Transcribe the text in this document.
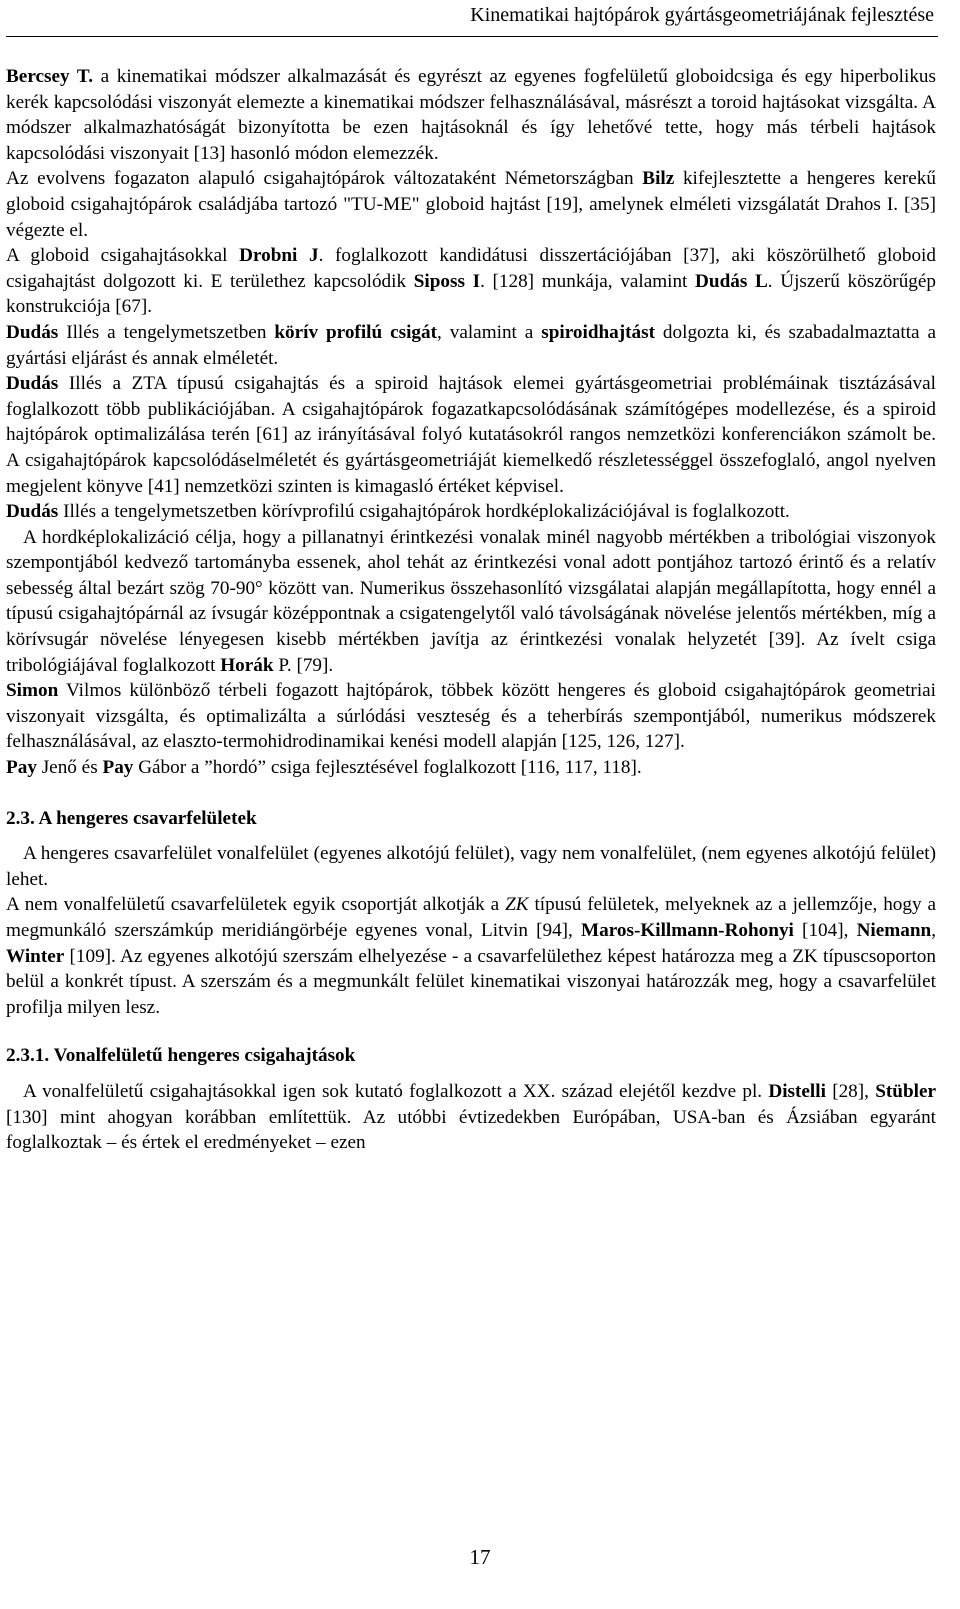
Kinematikai hajtópárok gyártásgeometriájának fejlesztése

Bercsey T. a kinematikai módszer alkalmazását és egyrészt az egyenes fogfelületű globoidcsiga és egy hiperbolikus kerék kapcsolódási viszonyát elemezte a kinematikai módszer felhasználásával, másrészt a toroid hajtásokat vizsgálta. A módszer alkalmazhatóságát bizonyította be ezen hajtásoknál és így lehetővé tette, hogy más térbeli hajtások kapcsolódási viszonyait [13] hasonló módon elemezzék.

Az evolvens fogazaton alapuló csigahajtópárok változataként Németországban Bilz kifejlesztette a hengeres kerekű globoid csigahajtópárok családjába tartozó "TU-ME" globoid hajtást [19], amelynek elméleti vizsgálatát Drahos I. [35] végezte el.

A globoid csigahajtásokkal Drobni J. foglalkozott kandidátusi disszertációjában [37], aki köszörülhető globoid csigahajtást dolgozott ki. E területhez kapcsolódik Siposs I. [128] munkája, valamint Dudás L. Újszerű köszörűgép konstrukciója [67].

Dudás Illés a tengelymetszetben körív profilú csigát, valamint a spiroidhajtást dolgozta ki, és szabadalmaztatta a gyártási eljárást és annak elméletét.

Dudás Illés a ZTA típusú csigahajtás és a spiroid hajtások elemei gyártásgeometriai problémáinak tisztázásával foglalkozott több publikációjában. A csigahajtópárok fogazatkapcsolódásának számítógépes modellezése, és a spiroid hajtópárok optimalizálása terén [61] az irányításával folyó kutatásokról rangos nemzetközi konferenciákon számolt be. A csigahajtópárok kapcsolódáselméletét és gyártásgeometriáját kiemelkedő részletességgel összefoglaló, angol nyelven megjelent könyve [41] nemzetközi szinten is kimagasló értéket képvisel.

Dudás Illés a tengelymetszetben körívprofilú csigahajtópárok hordképlokalizációjával is foglalkozott.

A hordképlokalizáció célja, hogy a pillanatnyi érintkezési vonalak minél nagyobb mértékben a tribológiai viszonyok szempontjából kedvező tartományba essenek, ahol tehát az érintkezési vonal adott pontjához tartozó érintő és a relatív sebesség által bezárt szög 70-90° között van. Numerikus összehasonlító vizsgálatai alapján megállapította, hogy ennél a típusú csigahajtópárnál az ívsugár középpontnak a csigatengelytől való távolságának növelése jelentős mértékben, míg a körívsugár növelése lényegesen kisebb mértékben javítja az érintkezési vonalak helyzetét [39]. Az ívelt csiga tribológiájával foglalkozott Horák P. [79].

Simon Vilmos különböző térbeli fogazott hajtópárok, többek között hengeres és globoid csigahajtópárok geometriai viszonyait vizsgálta, és optimalizálta a súrlódási veszteség és a teherbírás szempontjából, numerikus módszerek felhasználásával, az elaszto-termohidrodinamikai kenési modell alapján [125, 126, 127].

Pay Jenő és Pay Gábor a ”hordó” csiga fejlesztésével foglalkozott [116, 117, 118].

2.3. A hengeres csavarfelületek

A hengeres csavarfelület vonalfelület (egyenes alkotójú felület), vagy nem vonalfelület, (nem egyenes alkotójú felület) lehet.

A nem vonalfelületű csavarfelületek egyik csoportját alkotják a ZK típusú felületek, melyeknek az a jellemzője, hogy a megmunkáló szerszámkúp meridiángörbéje egyenes vonal, Litvin [94], Maros-Killmann-Rohonyi [104], Niemann, Winter [109]. Az egyenes alkotójú szerszám elhelyezése - a csavarfelülethez képest határozza meg a ZK típuscsoporton belül a konkrét típust. A szerszám és a megmunkált felület kinematikai viszonyai határozzák meg, hogy a csavarfelület profilja milyen lesz.

2.3.1. Vonalfelületű hengeres csigahajtások

A vonalfelületű csigahajtásokkal igen sok kutató foglalkozott a XX. század elejétől kezdve pl. Distelli [28], Stübler [130] mint ahogyan korábban említettük. Az utóbbi évtizedekben Európában, USA-ban és Ázsiában egyaránt foglalkoztak – és értek el eredményeket – ezen

17
